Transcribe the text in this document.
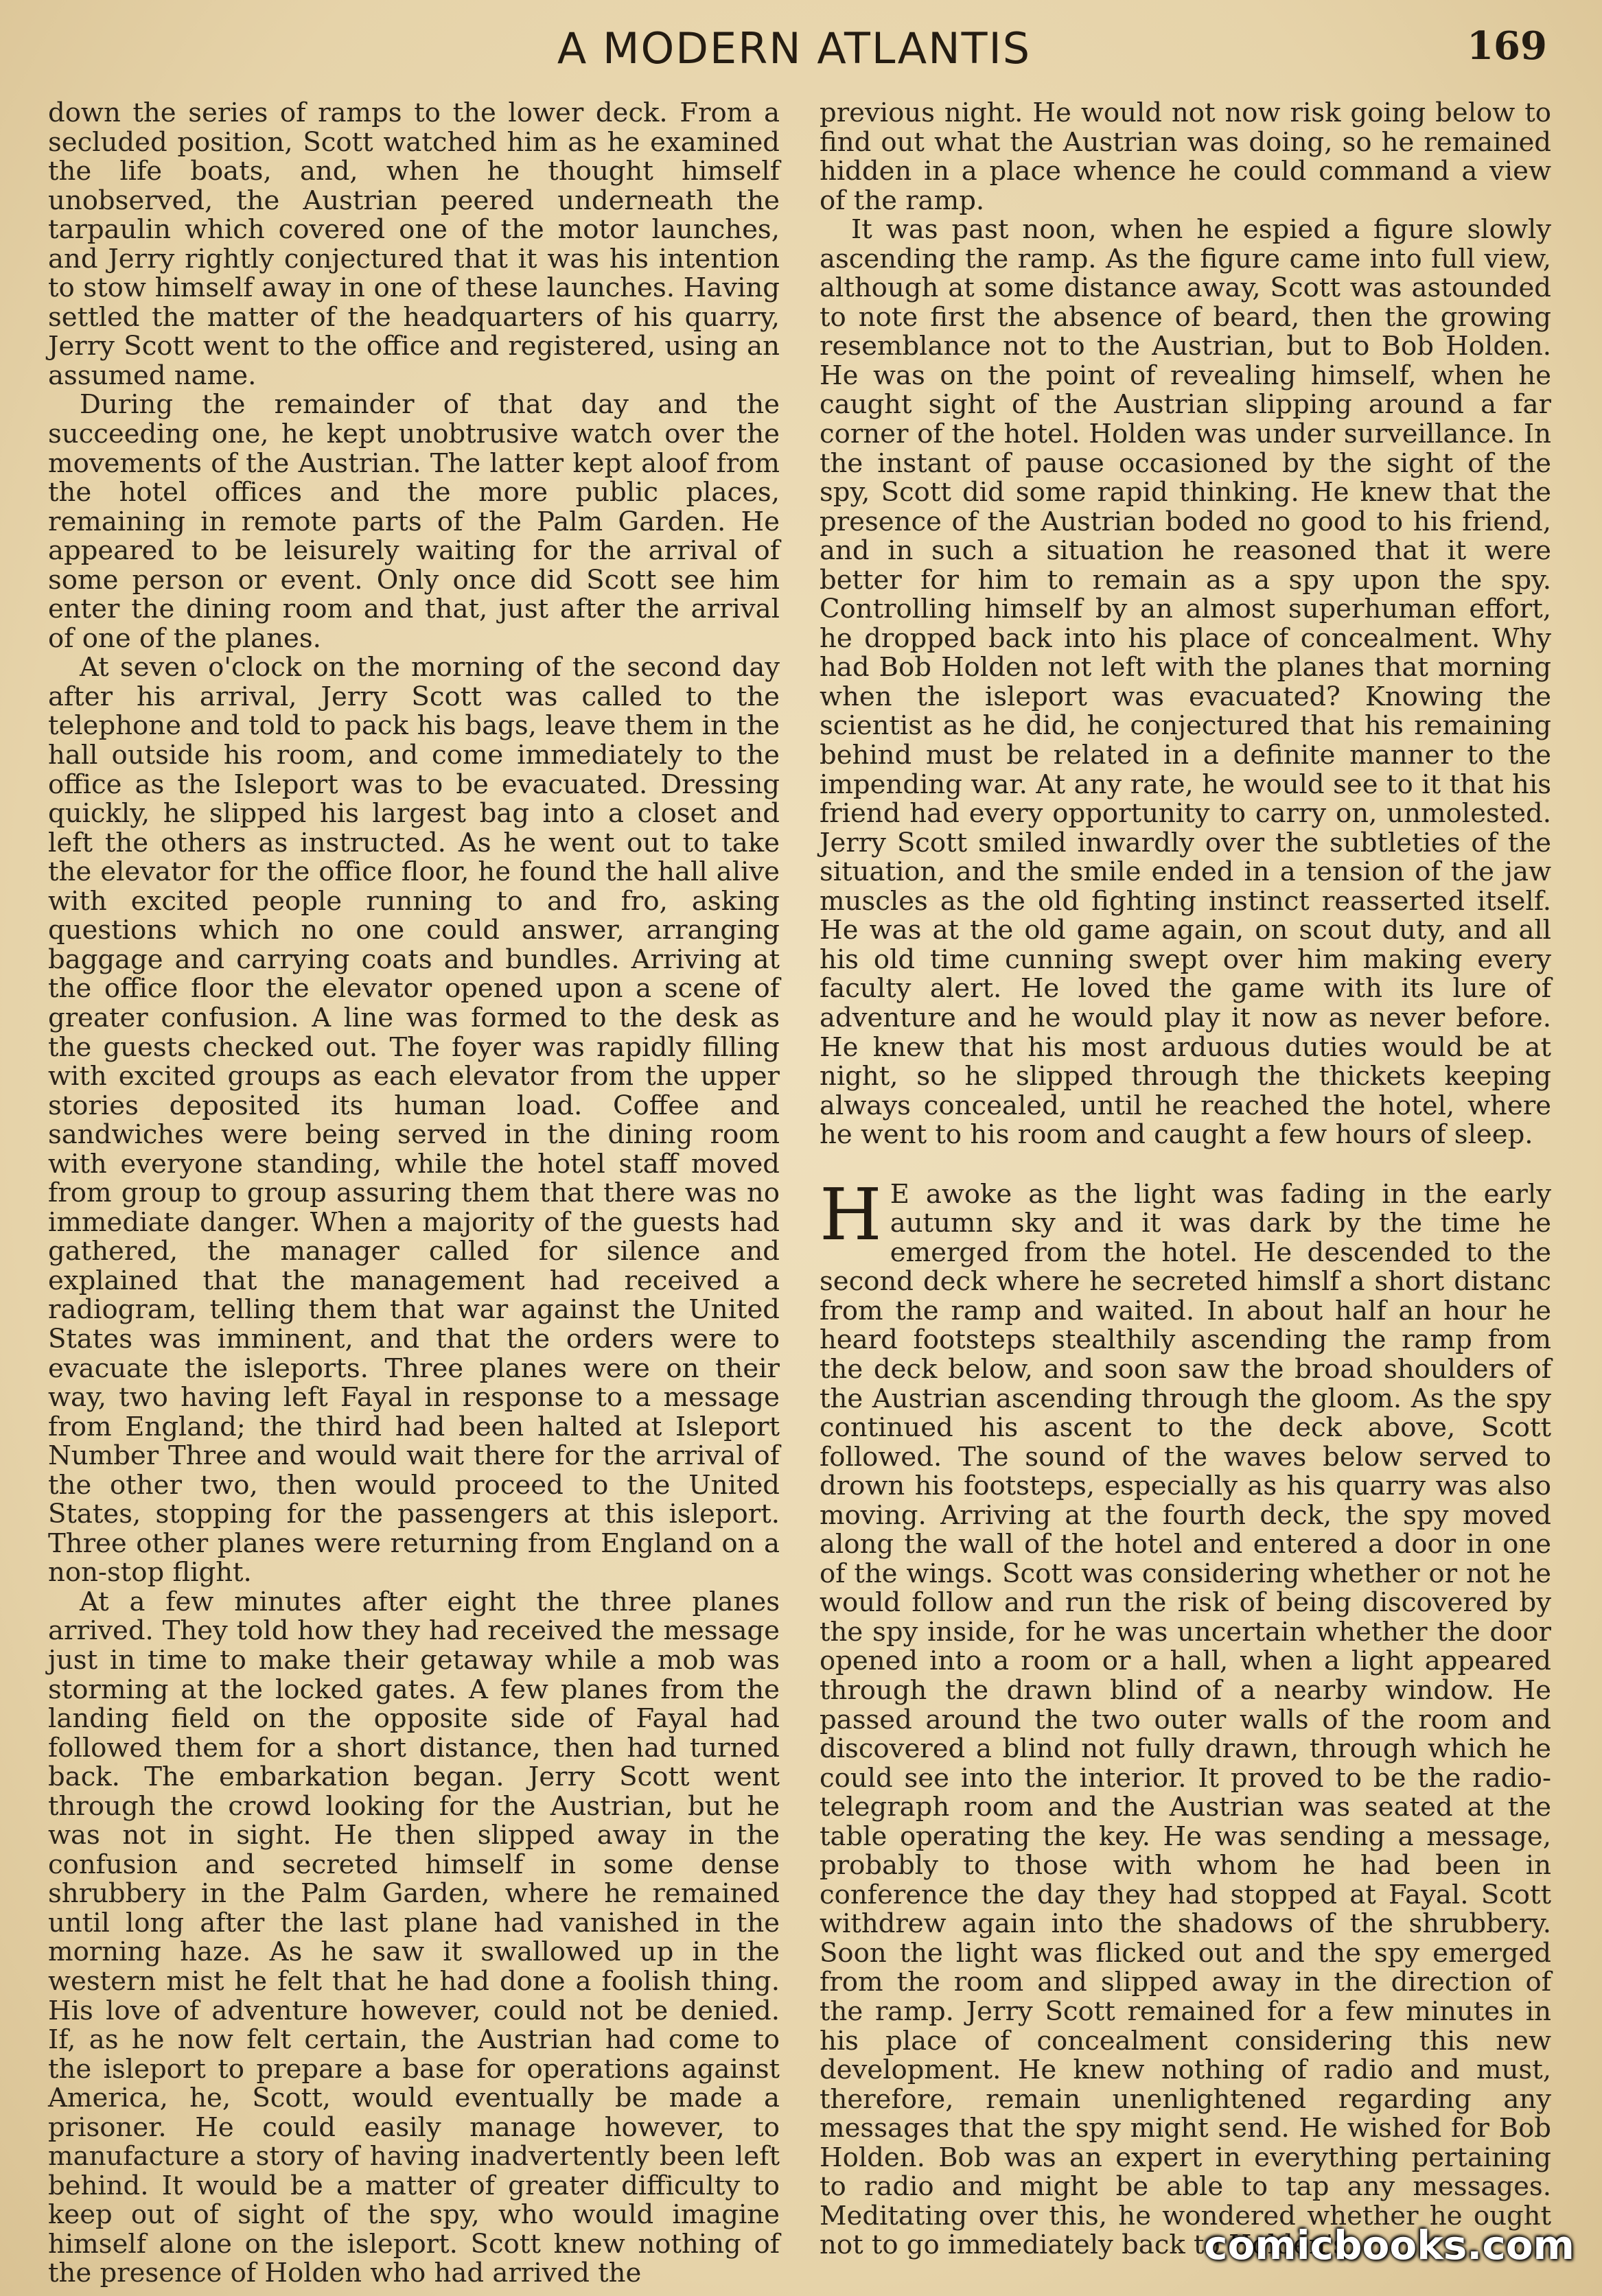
A MODERN ATLANTIS	169

down the series of ramps to the lower deck. From a secluded position, Scott watched him as he examined the life boats, and, when he thought himself unobserved, the Austrian peered underneath the tarpaulin which covered one of the motor launches, and Jerry rightly conjectured that it was his intention to stow himself away in one of these launches. Having settled the matter of the headquarters of his quarry, Jerry Scott went to the office and registered, using an assumed name.

During the remainder of that day and the succeeding one, he kept unobtrusive watch over the movements of the Austrian. The latter kept aloof from the hotel offices and the more public places, remaining in remote parts of the Palm Garden. He appeared to be leisurely waiting for the arrival of some person or event. Only once did Scott see him enter the dining room and that, just after the arrival of one of the planes.

At seven o'clock on the morning of the second day after his arrival, Jerry Scott was called to the telephone and told to pack his bags, leave them in the hall outside his room, and come immediately to the office as the Isleport was to be evacuated. Dressing quickly, he slipped his largest bag into a closet and left the others as instructed. As he went out to take the elevator for the office floor, he found the hall alive with excited people running to and fro, asking questions which no one could answer, arranging baggage and carrying coats and bundles. Arriving at the office floor the elevator opened upon a scene of greater confusion. A line was formed to the desk as the guests checked out. The foyer was rapidly filling with excited groups as each elevator from the upper stories deposited its human load. Coffee and sandwiches were being served in the dining room with everyone standing, while the hotel staff moved from group to group assuring them that there was no immediate danger. When a majority of the guests had gathered, the manager called for silence and explained that the management had received a radiogram, telling them that war against the United States was imminent, and that the orders were to evacuate the isleports. Three planes were on their way, two having left Fayal in response to a message from England; the third had been halted at Isleport Number Three and would wait there for the arrival of the other two, then would proceed to the United States, stopping for the passengers at this isleport. Three other planes were returning from England on a non-stop flight.

At a few minutes after eight the three planes arrived. They told how they had received the message just in time to make their getaway while a mob was storming at the locked gates. A few planes from the landing field on the opposite side of Fayal had followed them for a short distance, then had turned back. The embarkation began. Jerry Scott went through the crowd looking for the Austrian, but he was not in sight. He then slipped away in the confusion and secreted himself in some dense shrubbery in the Palm Garden, where he remained until long after the last plane had vanished in the morning haze. As he saw it swallowed up in the western mist he felt that he had done a foolish thing. His love of adventure however, could not be denied. If, as he now felt certain, the Austrian had come to the isleport to prepare a base for operations against America, he, Scott, would eventually be made a prisoner. He could easily manage however, to manufacture a story of having inadvertently been left behind. It would be a matter of greater difficulty to keep out of sight of the spy, who would imagine himself alone on the isleport. Scott knew nothing of the presence of Holden who had arrived the

previous night. He would not now risk going below to find out what the Austrian was doing, so he remained hidden in a place whence he could command a view of the ramp.

It was past noon, when he espied a figure slowly ascending the ramp. As the figure came into full view, although at some distance away, Scott was astounded to note first the absence of beard, then the growing resemblance not to the Austrian, but to Bob Holden. He was on the point of revealing himself, when he caught sight of the Austrian slipping around a far corner of the hotel. Holden was under surveillance. In the instant of pause occasioned by the sight of the spy, Scott did some rapid thinking. He knew that the presence of the Austrian boded no good to his friend, and in such a situation he reasoned that it were better for him to remain as a spy upon the spy. Controlling himself by an almost superhuman effort, he dropped back into his place of concealment. Why had Bob Holden not left with the planes that morning when the isleport was evacuated? Knowing the scientist as he did, he conjectured that his remaining behind must be related in a definite manner to the impending war. At any rate, he would see to it that his friend had every opportunity to carry on, unmolested. Jerry Scott smiled inwardly over the subtleties of the situation, and the smile ended in a tension of the jaw muscles as the old fighting instinct reasserted itself. He was at the old game again, on scout duty, and all his old time cunning swept over him making every faculty alert. He loved the game with its lure of adventure and he would play it now as never before. He knew that his most arduous duties would be at night, so he slipped through the thickets keeping always concealed, until he reached the hotel, where he went to his room and caught a few hours of sleep.

H E awoke as the light was fading in the early autumn sky and it was dark by the time he emerged from the hotel. He descended to the second deck where he secreted himslf a short distanc from the ramp and waited. In about half an hour he heard footsteps stealthily ascending the ramp from the deck below, and soon saw the broad shoulders of the Austrian ascending through the gloom. As the spy continued his ascent to the deck above, Scott followed. The sound of the waves below served to drown his footsteps, especially as his quarry was also moving. Arriving at the fourth deck, the spy moved along the wall of the hotel and entered a door in one of the wings. Scott was considering whether or not he would follow and run the risk of being discovered by the spy inside, for he was uncertain whether the door opened into a room or a hall, when a light appeared through the drawn blind of a nearby window. He passed around the two outer walls of the room and discovered a blind not fully drawn, through which he could see into the interior. It proved to be the radio-telegraph room and the Austrian was seated at the table operating the key. He was sending a message, probably to those with whom he had been in conference the day they had stopped at Fayal. Scott withdrew again into the shadows of the shrubbery. Soon the light was flicked out and the spy emerged from the room and slipped away in the direction of the ramp. Jerry Scott remained for a few minutes in his place of concealment considering this new development. He knew nothing of radio and must, therefore, remain unenlightened regarding any messages that the spy might send. He wished for Bob Holden. Bob was an expert in everything pertaining to radio and might be able to tap any messages. Meditating over this, he wondered whether he ought not to go immediately back to Holden's

comicbooks.com
